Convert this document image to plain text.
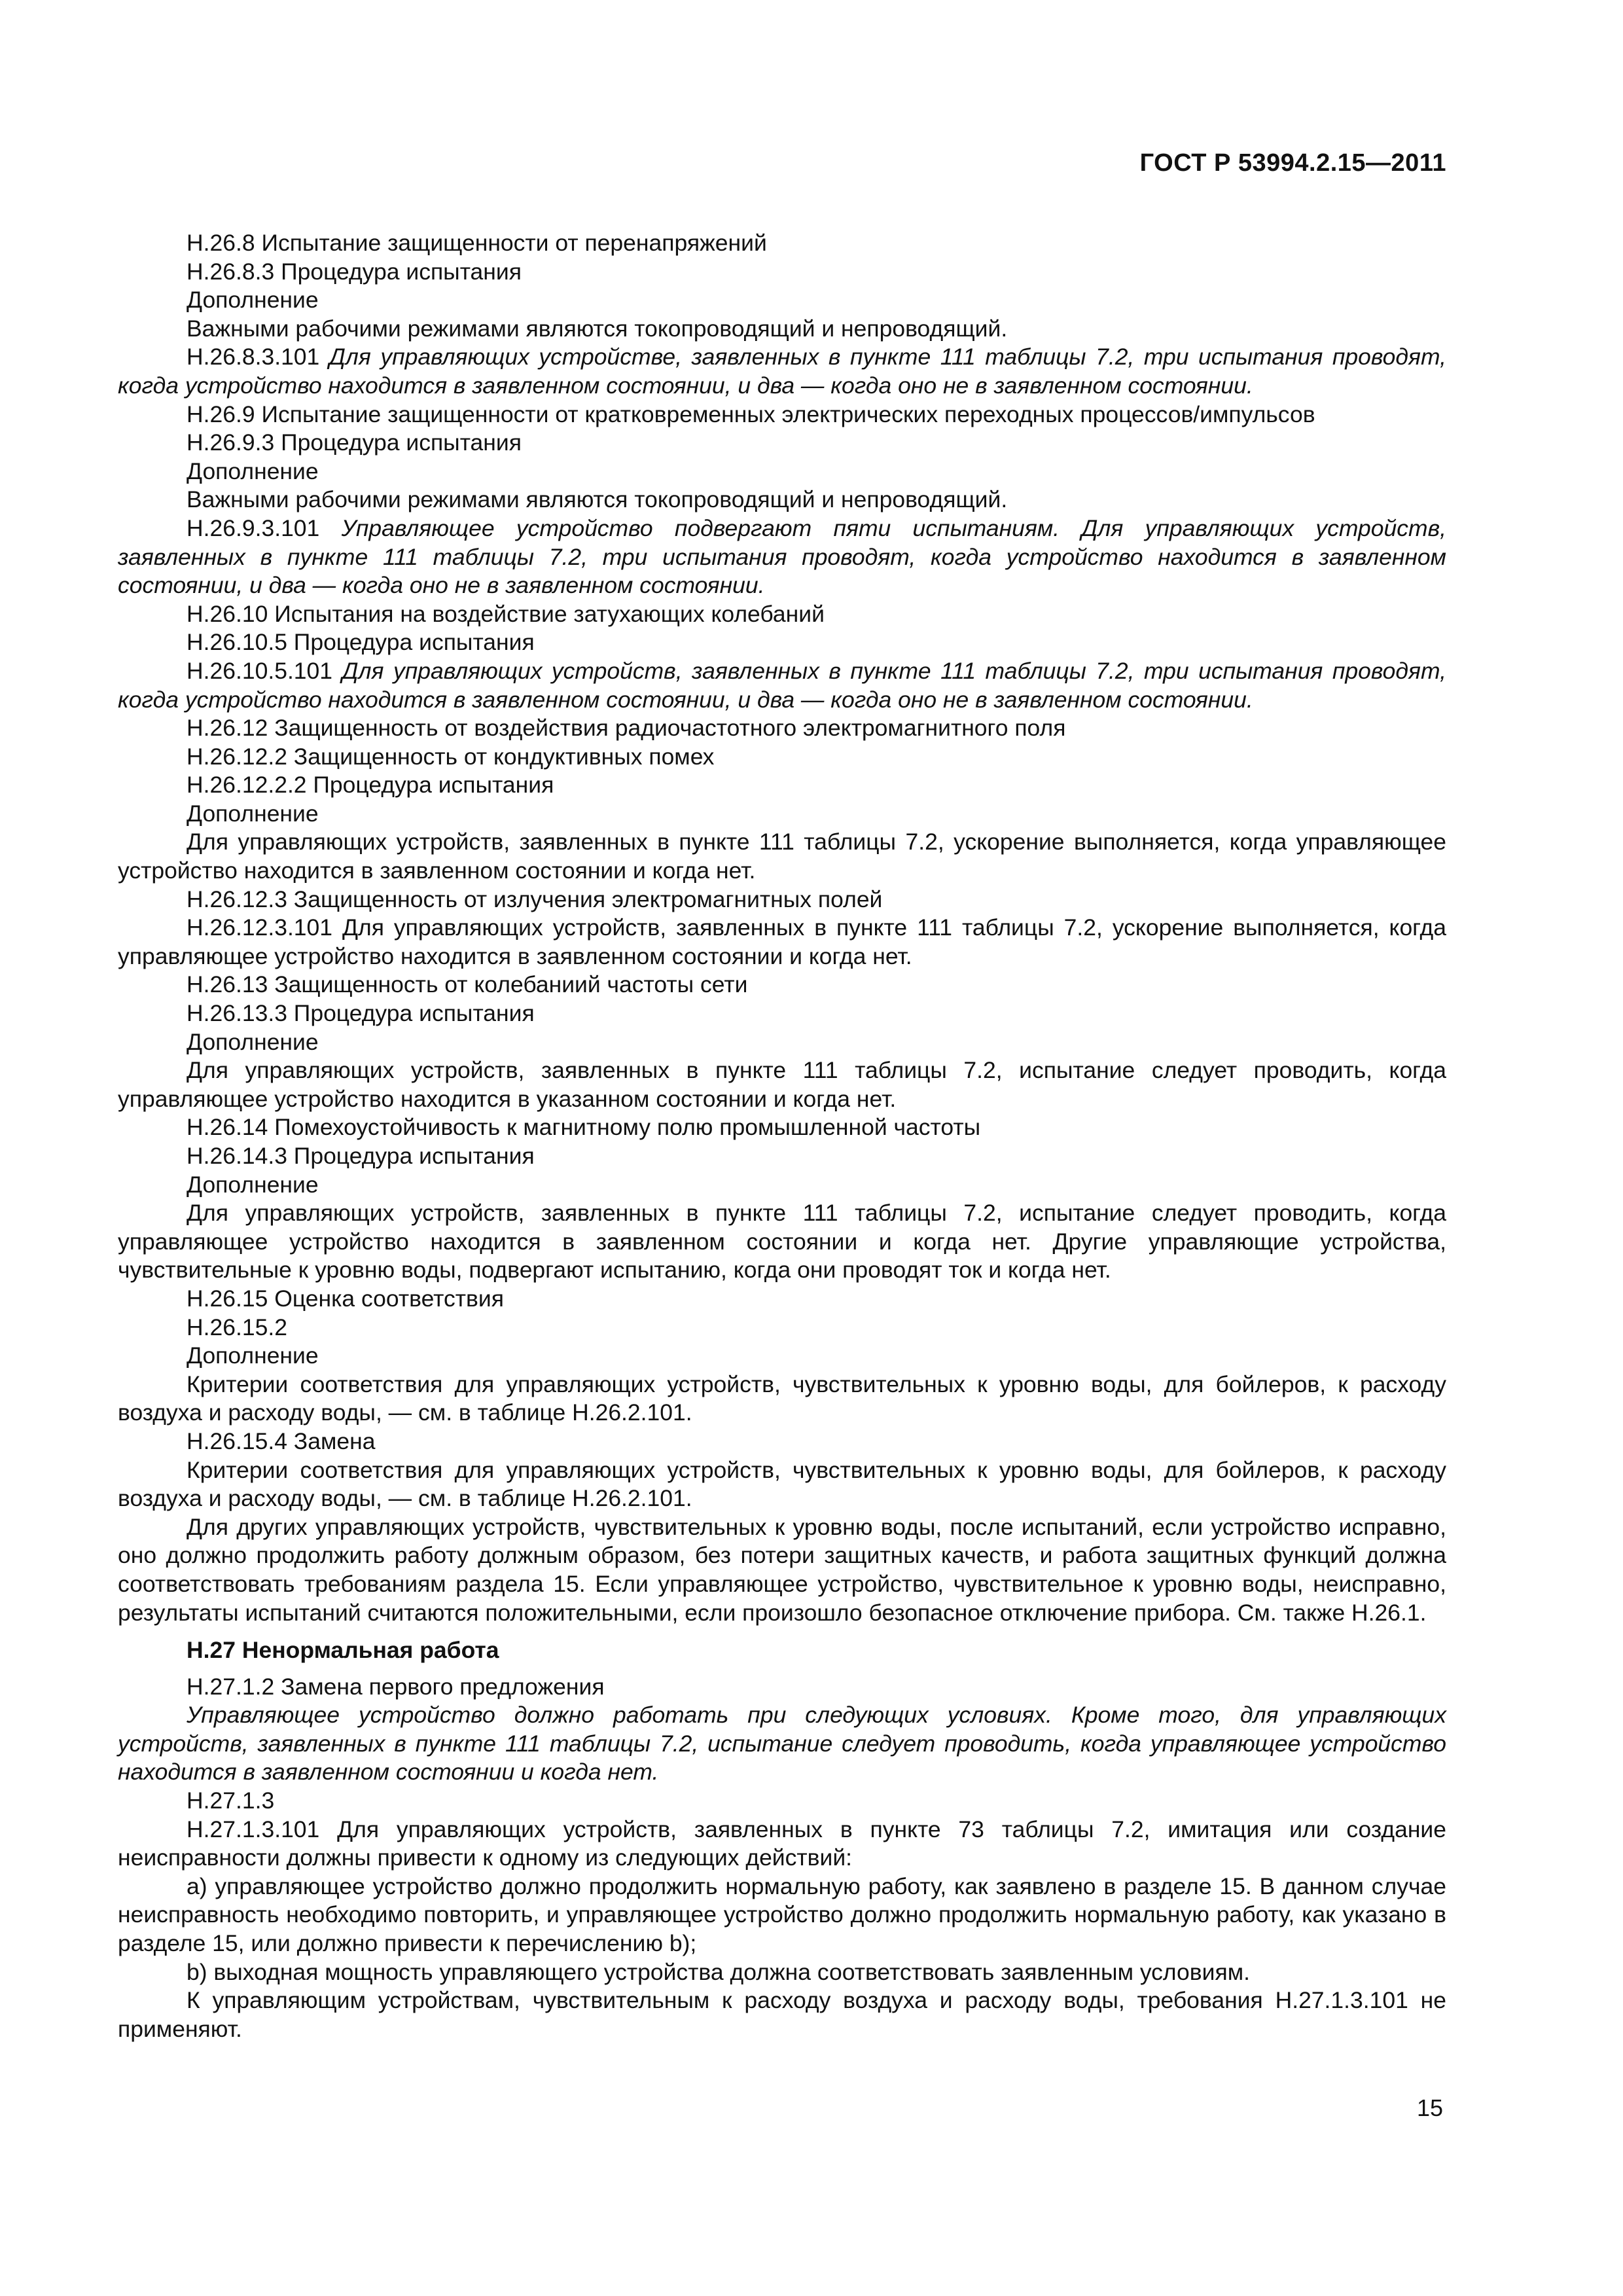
ГОСТ Р 53994.2.15—2011

Н.26.8 Испытание защищенности от перенапряжений

Н.26.8.3 Процедура испытания

Дополнение

Важными рабочими режимами являются токопроводящий и непроводящий.

Н.26.8.3.101 Для управляющих устройстве, заявленных в пункте 111 таблицы 7.2, три испытания проводят, когда устройство находится в заявленном состоянии, и два — когда оно не в заявленном состоянии.

Н.26.9 Испытание защищенности от кратковременных электрических переходных процессов/импульсов

Н.26.9.3 Процедура испытания

Дополнение

Важными рабочими режимами являются токопроводящий и непроводящий.

Н.26.9.3.101 Управляющее устройство подвергают пяти испытаниям. Для управляющих устройств, заявленных в пункте 111 таблицы 7.2, три испытания проводят, когда устройство находится в заявленном состоянии, и два — когда оно не в заявленном состоянии.

Н.26.10 Испытания на воздействие затухающих колебаний

Н.26.10.5 Процедура испытания

Н.26.10.5.101 Для управляющих устройств, заявленных в пункте 111 таблицы 7.2, три испытания проводят, когда устройство находится в заявленном состоянии, и два — когда оно не в заявленном состоянии.

Н.26.12 Защищенность от воздействия радиочастотного электромагнитного поля

Н.26.12.2 Защищенность от кондуктивных помех

Н.26.12.2.2 Процедура испытания

Дополнение

Для управляющих устройств, заявленных в пункте 111 таблицы 7.2, ускорение выполняется, когда управляющее устройство находится в заявленном состоянии и когда нет.

Н.26.12.3 Защищенность от излучения электромагнитных полей

Н.26.12.3.101 Для управляющих устройств, заявленных в пункте 111 таблицы 7.2, ускорение выполняется, когда управляющее устройство находится в заявленном состоянии и когда нет.

Н.26.13 Защищенность от колебаниий частоты сети

Н.26.13.3 Процедура испытания

Дополнение

Для управляющих устройств, заявленных в пункте 111 таблицы 7.2, испытание следует проводить, когда управляющее устройство находится в указанном состоянии и когда нет.

Н.26.14 Помехоустойчивость к магнитному полю промышленной частоты

Н.26.14.3 Процедура испытания

Дополнение

Для управляющих устройств, заявленных в пункте 111 таблицы 7.2, испытание следует проводить, когда управляющее устройство находится в заявленном состоянии и когда нет. Другие управляющие устройства, чувствительные к уровню воды, подвергают испытанию, когда они проводят ток и когда нет.

Н.26.15 Оценка соответствия

Н.26.15.2

Дополнение

Критерии соответствия для управляющих устройств, чувствительных к уровню воды, для бойлеров, к расходу воздуха и расходу воды, — см. в таблице Н.26.2.101.

Н.26.15.4 Замена

Критерии соответствия для управляющих устройств, чувствительных к уровню воды, для бойлеров, к расходу воздуха и расходу воды, — см. в таблице Н.26.2.101.

Для других управляющих устройств, чувствительных к уровню воды, после испытаний, если устройство исправно, оно должно продолжить работу должным образом, без потери защитных качеств, и работа защитных функций должна соответствовать требованиям раздела 15. Если управляющее устройство, чувствительное к уровню воды, неисправно, результаты испытаний считаются положительными, если произошло безопасное отключение прибора. См. также Н.26.1.

Н.27 Ненормальная работа

Н.27.1.2 Замена первого предложения

Управляющее устройство должно работать при следующих условиях. Кроме того, для управляющих устройств, заявленных в пункте 111 таблицы 7.2, испытание следует проводить, когда управляющее устройство находится в заявленном состоянии и когда нет.

Н.27.1.3

Н.27.1.3.101 Для управляющих устройств, заявленных в пункте 73 таблицы 7.2, имитация или создание неисправности должны привести к одному из следующих действий:

a) управляющее устройство должно продолжить нормальную работу, как заявлено в разделе 15. В данном случае неисправность необходимо повторить, и управляющее устройство должно продолжить нормальную работу, как указано в разделе 15, или должно привести к перечислению b);

b) выходная мощность управляющего устройства должна соответствовать заявленным условиям.

К управляющим устройствам, чувствительным к расходу воздуха и расходу воды, требования Н.27.1.3.101 не применяют.

15
